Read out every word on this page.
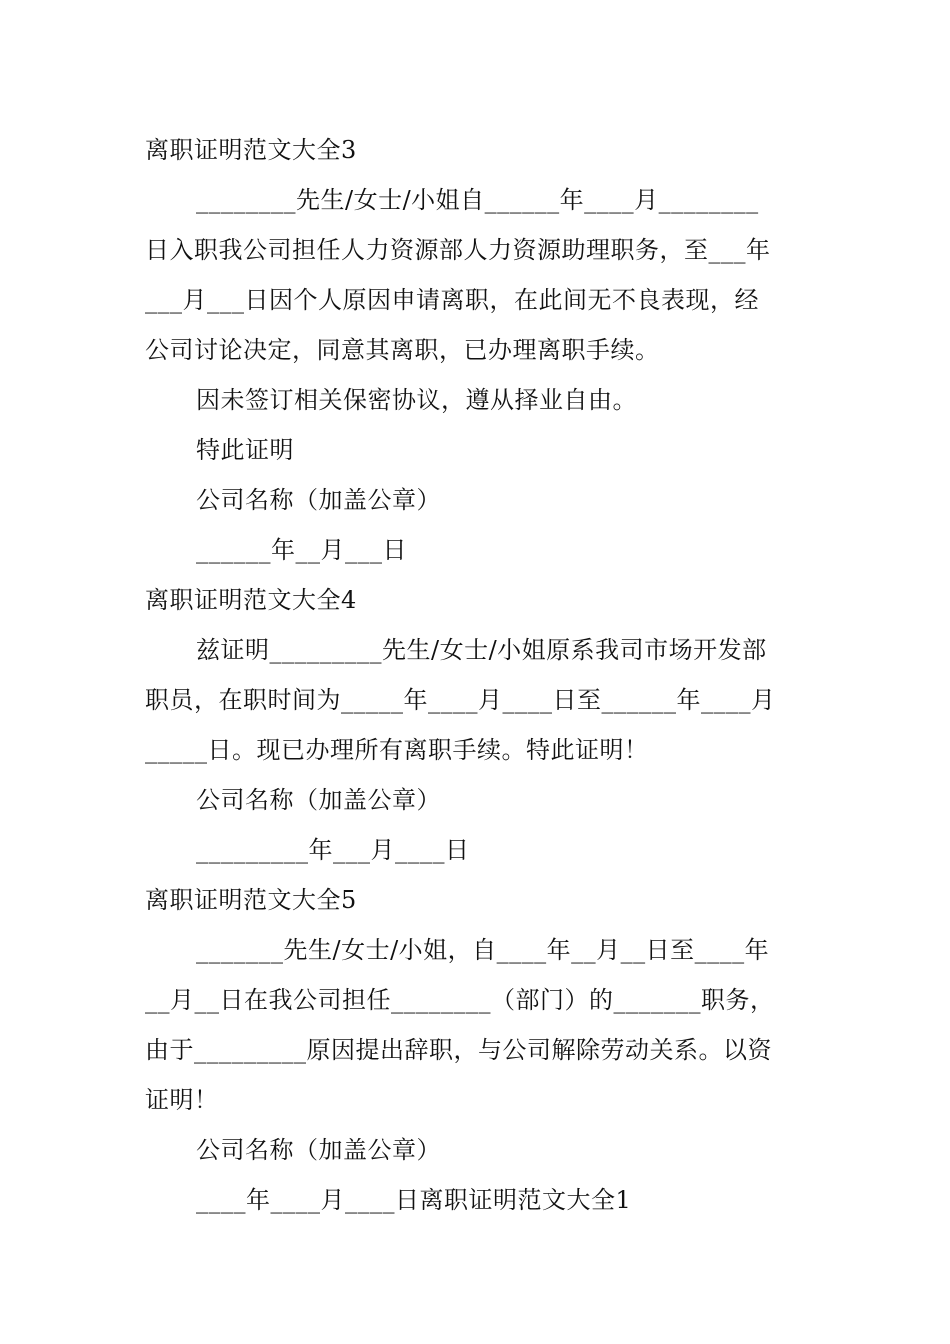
离职证明范文大全3
________先生/女士/小姐自______年____月________
日入职我公司担任人力资源部人力资源助理职务，至___年
___月___日因个人原因申请离职，在此间无不良表现，经
公司讨论决定，同意其离职，已办理离职手续。
因未签订相关保密协议，遵从择业自由。
特此证明
公司名称（加盖公章）
______年__月___日
离职证明范文大全4
兹证明_________先生/女士/小姐原系我司市场开发部
职员，在职时间为_____年____月____日至______年____月
_____日。现已办理所有离职手续。特此证明！
公司名称（加盖公章）
_________年___月____日
离职证明范文大全5
_______先生/女士/小姐，自____年__月__日至____年
__月__日在我公司担任________（部门）的_______职务，
由于_________原因提出辞职，与公司解除劳动关系。以资
证明！
公司名称（加盖公章）
____年____月____日离职证明范文大全1
